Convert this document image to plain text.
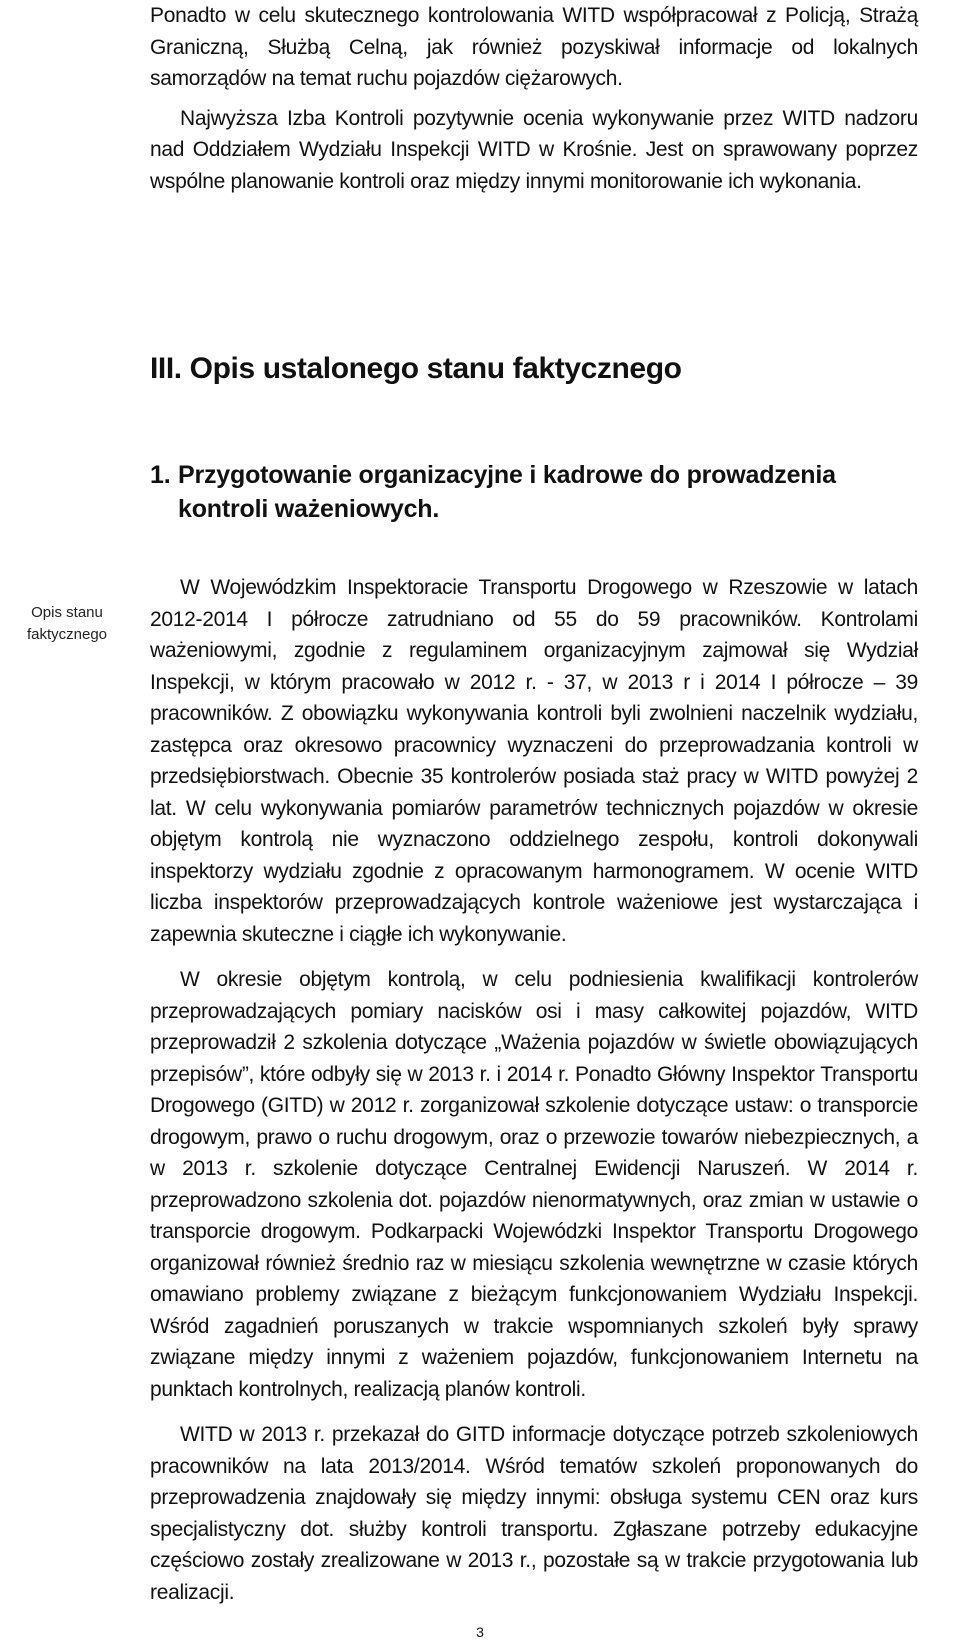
Ponadto w celu skutecznego kontrolowania WITD współpracował z Policją, Strażą Graniczną, Służbą Celną, jak również pozyskiwał informacje od lokalnych samorządów na temat ruchu pojazdów ciężarowych.

Najwyższa Izba Kontroli pozytywnie ocenia wykonywanie przez WITD nadzoru nad Oddziałem Wydziału Inspekcji WITD w Krośnie. Jest on sprawowany poprzez wspólne planowanie kontroli oraz między innymi monitorowanie ich wykonania.

III. Opis ustalonego stanu faktycznego
1. Przygotowanie organizacyjne i kadrowe do prowadzenia
kontroli ważeniowych.
Opis stanu
faktycznego

W Wojewódzkim Inspektoracie Transportu Drogowego w Rzeszowie w latach 2012-2014 I półrocze zatrudniano od 55 do 59 pracowników. Kontrolami ważeniowymi, zgodnie z regulaminem organizacyjnym zajmował się Wydział Inspekcji, w którym pracowało w 2012 r. - 37, w 2013 r i 2014 I półrocze – 39 pracowników. Z obowiązku wykonywania kontroli byli zwolnieni naczelnik wydziału, zastępca oraz okresowo pracownicy wyznaczeni do przeprowadzania kontroli w przedsiębiorstwach. Obecnie 35 kontrolerów posiada staż pracy w WITD powyżej 2 lat. W celu wykonywania pomiarów parametrów technicznych pojazdów w okresie objętym kontrolą nie wyznaczono oddzielnego zespołu, kontroli dokonywali inspektorzy wydziału zgodnie z opracowanym harmonogramem. W ocenie WITD liczba inspektorów przeprowadzających kontrole ważeniowe jest wystarczająca i zapewnia skuteczne i ciągłe ich wykonywanie.

W okresie objętym kontrolą, w celu podniesienia kwalifikacji kontrolerów przeprowadzających pomiary nacisków osi i masy całkowitej pojazdów, WITD przeprowadził 2 szkolenia dotyczące „Ważenia pojazdów w świetle obowiązujących przepisów”, które odbyły się w 2013 r. i 2014 r. Ponadto Główny Inspektor Transportu Drogowego (GITD) w 2012 r. zorganizował szkolenie dotyczące ustaw: o transporcie drogowym, prawo o ruchu drogowym, oraz o przewozie towarów niebezpiecznych, a w 2013 r. szkolenie dotyczące Centralnej Ewidencji Naruszeń. W 2014 r. przeprowadzono szkolenia dot. pojazdów nienormatywnych, oraz zmian w ustawie o transporcie drogowym. Podkarpacki Wojewódzki Inspektor Transportu Drogowego organizował również średnio raz w miesiącu szkolenia wewnętrzne w czasie których omawiano problemy związane z bieżącym funkcjonowaniem Wydziału Inspekcji. Wśród zagadnień poruszanych w trakcie wspomnianych szkoleń były sprawy związane między innymi z ważeniem pojazdów, funkcjonowaniem Internetu na punktach kontrolnych, realizacją planów kontroli.

WITD w 2013 r. przekazał do GITD informacje dotyczące potrzeb szkoleniowych pracowników na lata 2013/2014. Wśród tematów szkoleń proponowanych do przeprowadzenia znajdowały się między innymi: obsługa systemu CEN oraz kurs specjalistyczny dot. służby kontroli transportu. Zgłaszane potrzeby edukacyjne częściowo zostały zrealizowane w 2013 r., pozostałe są w trakcie przygotowania lub realizacji.

3
